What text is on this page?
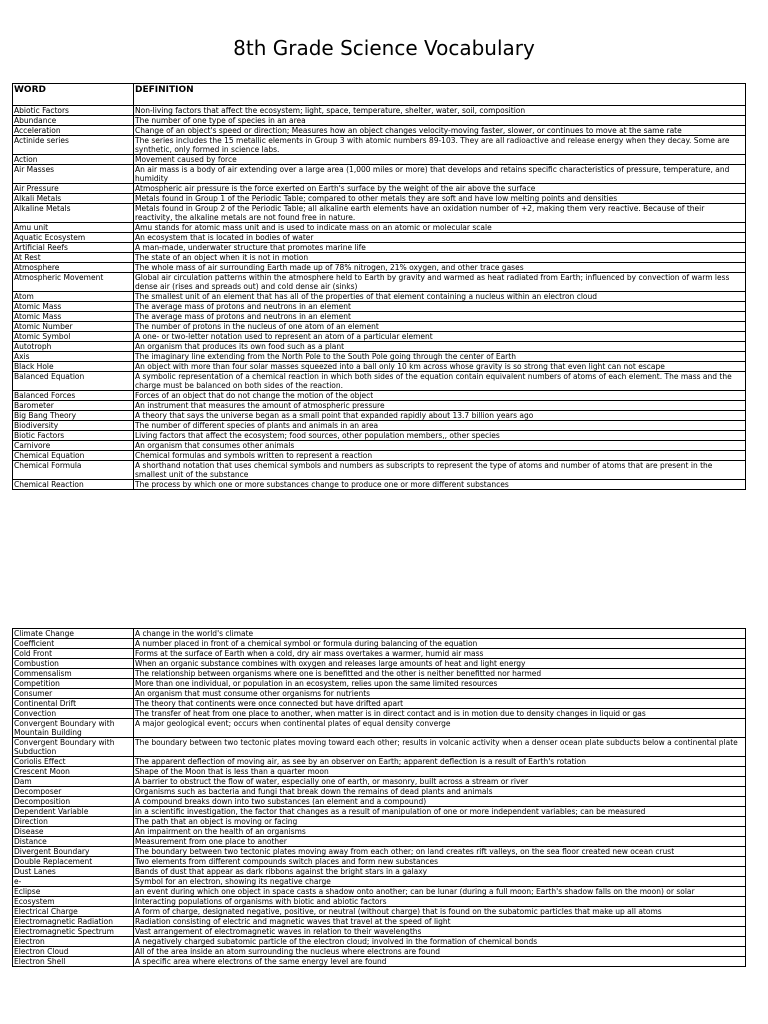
8th Grade Science Vocabulary
WORD	DEFINITION
Abiotic Factors	Non-living factors that affect the ecosystem; light, space, temperature, shelter, water, soil, composition
Abundance	The number of one type of species in an area
Acceleration	Change of an object's speed or direction; Measures how an object changes velocity-moving faster, slower, or continues to move at the same rate
Actinide series	The series includes the 15 metallic elements in Group 3 with atomic numbers 89-103. They are all radioactive and release energy when they decay. Some are synthetic, only formed in science labs.
Action	Movement caused by force
Air Masses	An air mass is a body of air extending over a large area (1,000 miles or more) that develops and retains specific characteristics of pressure, temperature, and humidity
Air Pressure	Atmospheric air pressure is the force exerted on Earth's surface by the weight of the air above the surface
Alkali Metals	Metals found in Group 1 of the Periodic Table; compared to other metals they are soft and have low melting points and densities
Alkaline Metals	Metals found in Group 2 of the Periodic Table; all alkaline earth elements have an oxidation number of +2, making them very reactive. Because of their reactivity, the alkaline metals are not found free in nature.
Amu unit	Amu stands for atomic mass unit and is used to indicate mass on an atomic or molecular scale
Aquatic Ecosystem	An ecosystem that is located in bodies of water
Artificial Reefs	A man-made, underwater structure that promotes marine life
At Rest	The state of an object when it is not in motion
Atmosphere	The whole mass of air surrounding Earth made up of 78% nitrogen, 21% oxygen, and other trace gases
Atmospheric Movement	Global air circulation patterns within the atmosphere held to Earth by gravity and warmed as heat radiated from Earth; influenced by convection of warm less dense air (rises and spreads out) and cold dense air (sinks)
Atom	The smallest unit of an element that has all of the properties of that element containing a nucleus within an electron cloud
Atomic Mass	The average mass of protons and neutrons in an element
Atomic Mass	The average mass of protons and neutrons in an element
Atomic Number	The number of protons in the nucleus of one atom of an element
Atomic Symbol	A one- or two-letter notation used to represent an atom of a particular element
Autotroph	An organism that produces its own food such as a plant
Axis	The imaginary line extending from the North Pole to the South Pole going through the center of Earth
Black Hole	An object with more than four solar masses squeezed into a ball only 10 km across whose gravity is so strong that even light can not escape
Balanced Equation	A symbolic representation of a chemical reaction in which both sides of the equation contain equivalent numbers of atoms of each element. The mass and the charge must be balanced on both sides of the reaction.
Balanced Forces	Forces of an object that do not change the motion of the object
Barometer	An instrument that measures the amount of atmospheric pressure
Big Bang Theory	A theory that says the universe began as a small point that expanded rapidly about 13.7 billion years ago
Biodiversity	The number of different species of plants and animals in an area
Biotic Factors	Living factors that affect the ecosystem; food sources, other population members,, other species
Carnivore	An organism that consumes other animals
Chemical Equation	Chemical formulas and symbols written to represent a reaction
Chemical Formula	A shorthand notation that uses chemical symbols and numbers as subscripts to represent the type of atoms and number of atoms that are present in the smallest unit of the substance
Chemical Reaction	The process by which one or more substances change to produce one or more different substances
Climate Change	A change in the world's climate
Coefficient	A number placed in front of a chemical symbol or formula during balancing of the equation
Cold Front	Forms at the surface of Earth when a cold, dry air mass overtakes a warmer, humid air mass
Combustion	When an organic substance combines with oxygen and releases large amounts of heat and light energy
Commensalism	The relationship between organisms where one is benefitted and the other is neither benefitted nor harmed
Competition	More than one individual, or population in an ecosystem, relies upon the same limited resources
Consumer	An organism that must consume other organisms for nutrients
Continental Drift	The theory that continents were once connected but have drifted apart
Convection	The transfer of heat from one place to another, when matter is in direct contact and is in motion due to density changes in liquid or gas
Convergent Boundary with Mountain Building	A major geological event; occurs when continental plates of equal density converge
Convergent Boundary with Subduction	The boundary between two tectonic plates moving toward each other; results in volcanic activity when a denser ocean plate subducts below a continental plate
Coriolis Effect	The apparent deflection of moving air, as see by an observer on Earth; apparent deflection is a result of Earth's rotation
Crescent Moon	Shape of the Moon that is less than a quarter moon
Dam	A barrier to obstruct the flow of water, especially one of earth, or masonry, built across a stream or river
Decomposer	Organisms such as bacteria and fungi that break down the remains of dead plants and animals
Decomposition	A compound breaks down into two substances (an element and a compound)
Dependent Variable	in a scientific investigation, the factor that changes as a result of manipulation of one or more independent variables; can be measured
Direction	The path that an object is moving or facing
Disease	An impairment on the health of an organisms
Distance	Measurement from one place to another
Divergent Boundary	The boundary between two tectonic plates moving away from each other; on land creates rift valleys, on the sea floor created new ocean crust
Double Replacement	Two elements from different compounds switch places and form new substances
Dust Lanes	Bands of dust that appear as dark ribbons against the bright stars in a galaxy
e-	Symbol for an electron, showing its negative charge
Eclipse	an event during which one object in space casts a shadow onto another; can be lunar (during a full moon; Earth's shadow falls on the moon) or solar
Ecosystem	Interacting populations of organisms with biotic and abiotic factors
Electrical Charge	A form of charge, designated negative, positive, or neutral (without charge) that is found on the subatomic particles that make up all atoms
Electromagnetic Radiation	Radiation consisting of electric and magnetic waves that travel at the speed of light
Electromagnetic Spectrum	Vast arrangement of electromagnetic waves in relation to their wavelengths
Electron	A negatively charged subatomic particle of the electron cloud; involved in the formation of chemical bonds
Electron Cloud	All of the area inside an atom surrounding the nucleus where electrons are found
Electron Shell	A specific area where electrons of the same energy level are found
